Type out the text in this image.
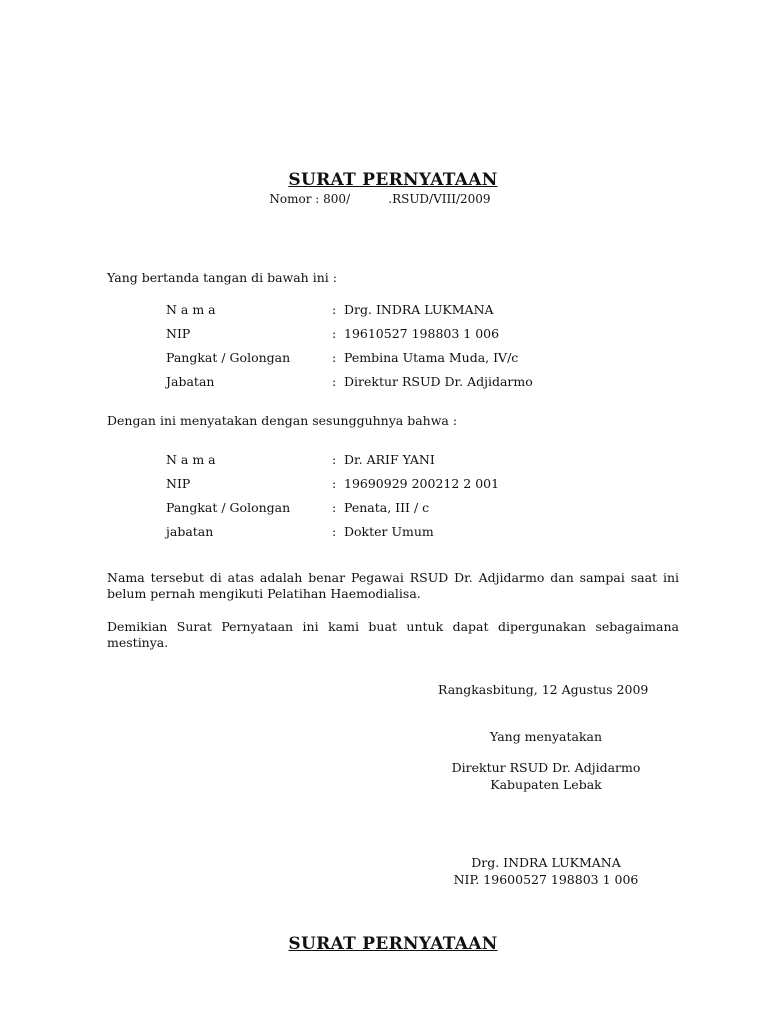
SURAT PERNYATAAN
Nomor : 800/          .RSUD/VIII/2009
Yang bertanda tangan di bawah ini :
N a m a	: Drg. INDRA LUKMANA
NIP	: 19610527 198803 1 006
Pangkat / Golongan	: Pembina Utama Muda, IV/c
Jabatan	: Direktur RSUD Dr. Adjidarmo
Dengan ini menyatakan dengan sesungguhnya bahwa :
N a m a	: Dr. ARIF YANI
NIP	: 19690929 200212 2 001
Pangkat / Golongan	: Penata, III / c
jabatan	: Dokter Umum
Nama tersebut di atas adalah benar Pegawai RSUD Dr. Adjidarmo dan sampai saat ini belum pernah mengikuti Pelatihan Haemodialisa.
Demikian Surat Pernyataan ini kami buat untuk dapat dipergunakan sebagaimana mestinya.
Rangkasbitung, 12 Agustus 2009
Yang menyatakan
Direktur RSUD Dr. Adjidarmo
Kabupaten Lebak
Drg. INDRA LUKMANA
NIP. 19600527 198803 1 006
SURAT PERNYATAAN
